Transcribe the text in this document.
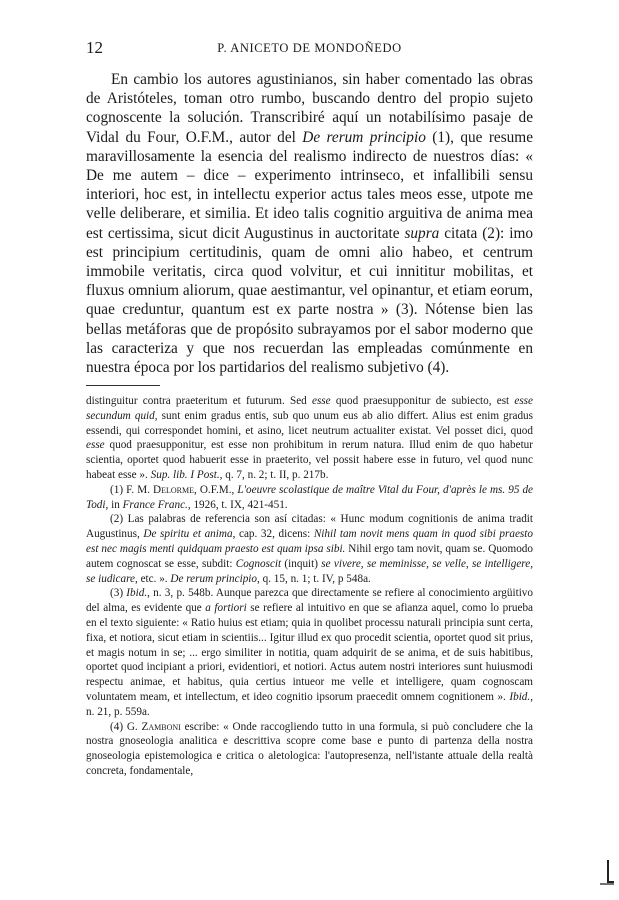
12	P. ANICETO DE MONDOÑEDO

En cambio los autores agustinianos, sin haber comentado las obras de Aristóteles, toman otro rumbo, buscando dentro del propio sujeto cognoscente la solución. Transcribiré aquí un notabilísimo pasaje de Vidal du Four, O.F.M., autor del De rerum principio (1), que resume maravillosamente la esencia del realismo indirecto de nuestros días: « De me autem – dice – experimento intrinseco, et infallibili sensu interiori, hoc est, in intellectu experior actus tales meos esse, utpote me velle deliberare, et similia. Et ideo talis cognitio arguitiva de anima mea est certissima, sicut dicit Augustinus in auctoritate supra citata (2): imo est principium certitudinis, quam de omni alio habeo, et centrum immobile veritatis, circa quod volvitur, et cui innititur mobilitas, et fluxus omnium aliorum, quae aestimantur, vel opinantur, et etiam eorum, quae creduntur, quantum est ex parte nostra » (3). Nótense bien las bellas metáforas que de propósito subrayamos por el sabor moderno que las caracteriza y que nos recuerdan las empleadas comúnmente en nuestra época por los partidarios del realismo subjetivo (4).

distinguitur contra praeteritum et futurum. Sed esse quod praesupponitur de subiecto, est esse secundum quid, sunt enim gradus entis, sub quo unum eus ab alio differt. Alius est enim gradus essendi, qui correspondet homini, et asino, licet neutrum actualiter existat. Vel posset dici, quod esse quod praesupponitur, est esse non prohibitum in rerum natura. Illud enim de quo habetur scientia, oportet quod habuerit esse in praeterito, vel possit habere esse in futuro, vel quod nunc habeat esse ». Sup. lib. I Post., q. 7, n. 2; t. II, p. 217b.

(1) F. M. Delorme, O.F.M., L'oeuvre scolastique de maître Vital du Four, d'après le ms. 95 de Todi, in France Franc., 1926, t. IX, 421-451.

(2) Las palabras de referencia son así citadas: « Hunc modum cognitionis de anima tradit Augustinus, De spiritu et anima, cap. 32, dicens: Nihil tam novit mens quam in quod sibi praesto est nec magis menti quidquam praesto est quam ipsa sibi. Nihil ergo tam novit, quam se. Quomodo autem cognoscat se esse, subdit: Cognoscit (inquit) se vivere, se meminisse, se velle, se intelligere, se iudicare, etc. ». De rerum principio, q. 15, n. 1; t. IV, p 548a.

(3) Ibid., n. 3, p. 548b. Aunque parezca que directamente se refiere al conocimiento argüitivo del alma, es evidente que a fortiori se refiere al intuitivo en que se afianza aquel, como lo prueba en el texto siguiente: « Ratio huius est etiam; quia in quolibet processu naturali principia sunt certa, fixa, et notiora, sicut etiam in scientiis... Igitur illud ex quo procedit scientia, oportet quod sit prius, et magis notum in se; ... ergo similiter in notitia, quam adquirit de se anima, et de suis habitibus, oportet quod incipiant a priori, evidentiori, et notiori. Actus autem nostri interiores sunt huiusmodi respectu animae, et habitus, quia certius intueor me velle et intelligere, quam cognoscam voluntatem meam, et intellectum, et ideo cognitio ipsorum praecedit omnem cognitionem ». Ibid., n. 21, p. 559a.

(4) G. Zamboni escribe: « Onde raccogliendo tutto in una formula, si può concludere che la nostra gnoseologia analitica e descrittiva scopre come base e punto di partenza della nostra gnoseologia epistemologica e critica o aletologica: l'autopresenza, nell'istante attuale della realtà concreta, fondamentale,
